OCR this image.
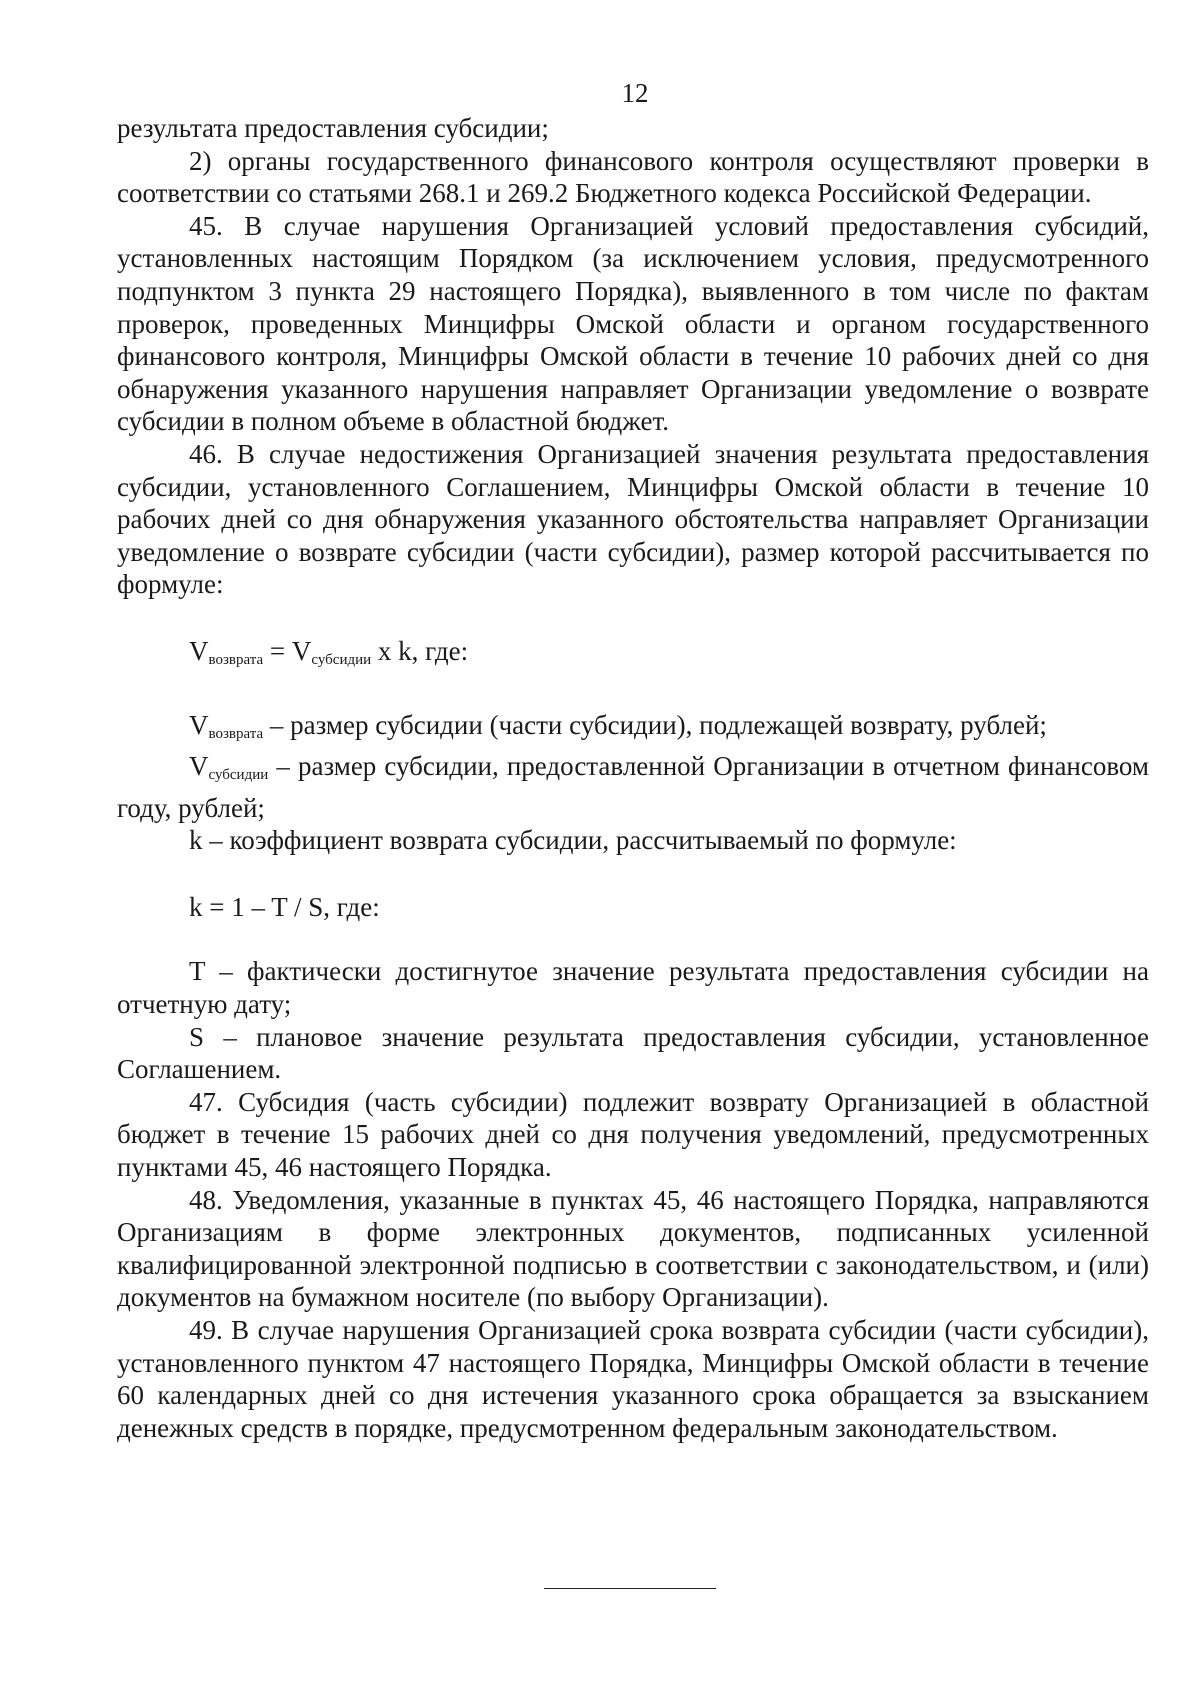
12

результата предоставления субсидии;

2) органы государственного финансового контроля осуществляют проверки в соответствии со статьями 268.1 и 269.2 Бюджетного кодекса Российской Федерации.

45. В случае нарушения Организацией условий предоставления субсидий, установленных настоящим Порядком (за исключением условия, предусмотренного подпунктом 3 пункта 29 настоящего Порядка), выявленного в том числе по фактам проверок, проведенных Минцифры Омской области и органом государственного финансового контроля, Минцифры Омской области в течение 10 рабочих дней со дня обнаружения указанного нарушения направляет Организации уведомление о возврате субсидии в полном объеме в областной бюджет.

46. В случае недостижения Организацией значения результата предоставления субсидии, установленного Соглашением, Минцифры Омской области в течение 10 рабочих дней со дня обнаружения указанного обстоятельства направляет Организации уведомление о возврате субсидии (части субсидии), размер которой рассчитывается по формуле:

$V_{возврата} = V_{субсидии}$ x k, где:

$V_{возврата}$ – размер субсидии (части субсидии), подлежащей возврату, рублей;

$V_{субсидии}$ – размер субсидии, предоставленной Организации в отчетном финансовом году, рублей;

k – коэффициент возврата субсидии, рассчитываемый по формуле:

k = 1 – T / S, где:

T – фактически достигнутое значение результата предоставления субсидии на отчетную дату;

S – плановое значение результата предоставления субсидии, установленное Соглашением.

47. Субсидия (часть субсидии) подлежит возврату Организацией в областной бюджет в течение 15 рабочих дней со дня получения уведомлений, предусмотренных пунктами 45, 46 настоящего Порядка.

48. Уведомления, указанные в пунктах 45, 46 настоящего Порядка, направляются Организациям в форме электронных документов, подписанных усиленной квалифицированной электронной подписью в соответствии с законодательством, и (или) документов на бумажном носителе (по выбору Организации).

49. В случае нарушения Организацией срока возврата субсидии (части субсидии), установленного пунктом 47 настоящего Порядка, Минцифры Омской области в течение 60 календарных дней со дня истечения указанного срока обращается за взысканием денежных средств в порядке, предусмотренном федеральным законодательством.
